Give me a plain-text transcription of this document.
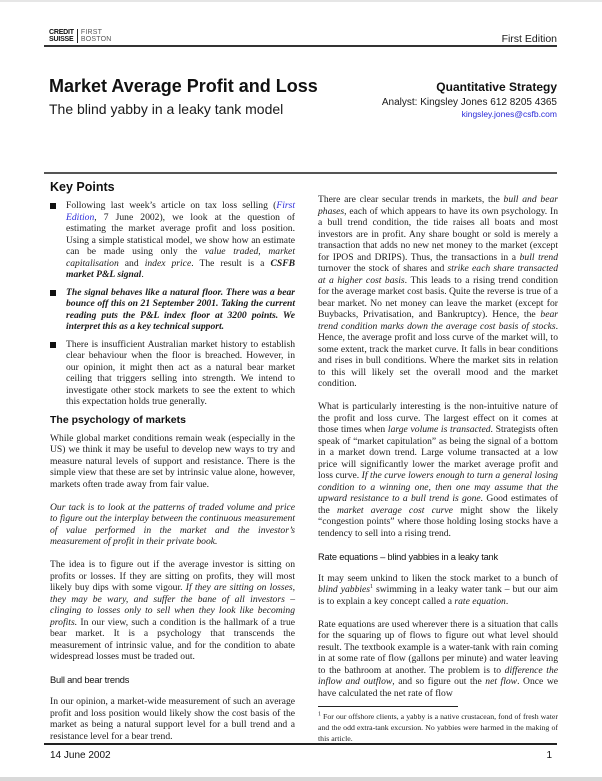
CREDIT
SUISSE
FIRST
BOSTON	First Edition
Market Average Profit and Loss
The blind yabby in a leaky tank model
Quantitative Strategy
Analyst: Kingsley Jones 612 8205 4365
kingsley.jones@csfb.com
Key Points
Following last week’s article on tax loss selling (First Edition, 7 June 2002), we look at the question of estimating the market average profit and loss position. Using a simple statistical model, we show how an estimate can be made using only the value traded, market capitalisation and index price. The result is a CSFB market P&L signal.
The signal behaves like a natural floor. There was a bear bounce off this on 21 September 2001. Taking the current reading puts the P&L index floor at 3200 points. We interpret this as a key technical support.
There is insufficient Australian market history to establish clear behaviour when the floor is breached. However, in our opinion, it might then act as a natural bear market ceiling that triggers selling into strength. We intend to investigate other stock markets to see the extent to which this expectation holds true generally.
The psychology of markets

While global market conditions remain weak (especially in the US) we think it may be useful to develop new ways to try and measure natural levels of support and resistance. There is the simple view that these are set by intrinsic value alone, however, markets often trade away from fair value.

Our tack is to look at the patterns of traded volume and price to figure out the interplay between the continuous measurement of value performed in the market and the investor’s measurement of profit in their private book.

The idea is to figure out if the average investor is sitting on profits or losses. If they are sitting on profits, they will most likely buy dips with some vigour. If they are sitting on losses, they may be wary, and suffer the bane of all investors – clinging to losses only to sell when they look like becoming profits. In our view, such a condition is the hallmark of a true bear market. It is a psychology that transcends the measurement of intrinsic value, and for the condition to abate widespread losses must be traded out.

Bull and bear trends

In our opinion, a market-wide measurement of such an average profit and loss position would likely show the cost basis of the market as being a natural support level for a bull trend and a resistance level for a bear trend.

There are clear secular trends in markets, the bull and bear phases, each of which appears to have its own psychology. In a bull trend condition, the tide raises all boats and most investors are in profit. Any share bought or sold is merely a transaction that adds no new net money to the market (except for IPOS and DRIPS). Thus, the transactions in a bull trend turnover the stock of shares and strike each share transacted at a higher cost basis. This leads to a rising trend condition for the average market cost basis. Quite the reverse is true of a bear market. No net money can leave the market (except for Buybacks, Privatisation, and Bankruptcy). Hence, the bear trend condition marks down the average cost basis of stocks. Hence, the average profit and loss curve of the market will, to some extent, track the market curve. It falls in bear conditions and rises in bull conditions. Where the market sits in relation to this will likely set the overall mood and the market condition.

What is particularly interesting is the non-intuitive nature of the profit and loss curve. The largest effect on it comes at those times when large volume is transacted. Strategists often speak of “market capitulation” as being the signal of a bottom in a market down trend. Large volume transacted at a low price will significantly lower the market average profit and loss curve. If the curve lowers enough to turn a general losing condition to a winning one, then one may assume that the upward resistance to a bull trend is gone. Good estimates of the market average cost curve might show the likely “congestion points” where those holding losing stocks have a tendency to sell into a rising trend.

Rate equations – blind yabbies in a leaky tank

It may seem unkind to liken the stock market to a bunch of blind yabbies$^1$ swimming in a leaky water tank – but our aim is to explain a key concept called a rate equation.

Rate equations are used wherever there is a situation that calls for the squaring up of flows to figure out what level should result. The textbook example is a water-tank with rain coming in at some rate of flow (gallons per minute) and water leaving to the bathroom at another. The problem is to difference the inflow and outflow, and so figure out the net flow. Once we have calculated the net rate of flow

$^1$ For our offshore clients, a yabby is a native crustacean, fond of fresh water and the odd extra-tank excursion. No yabbies were harmed in the making of this article.
14 June 2002	1
